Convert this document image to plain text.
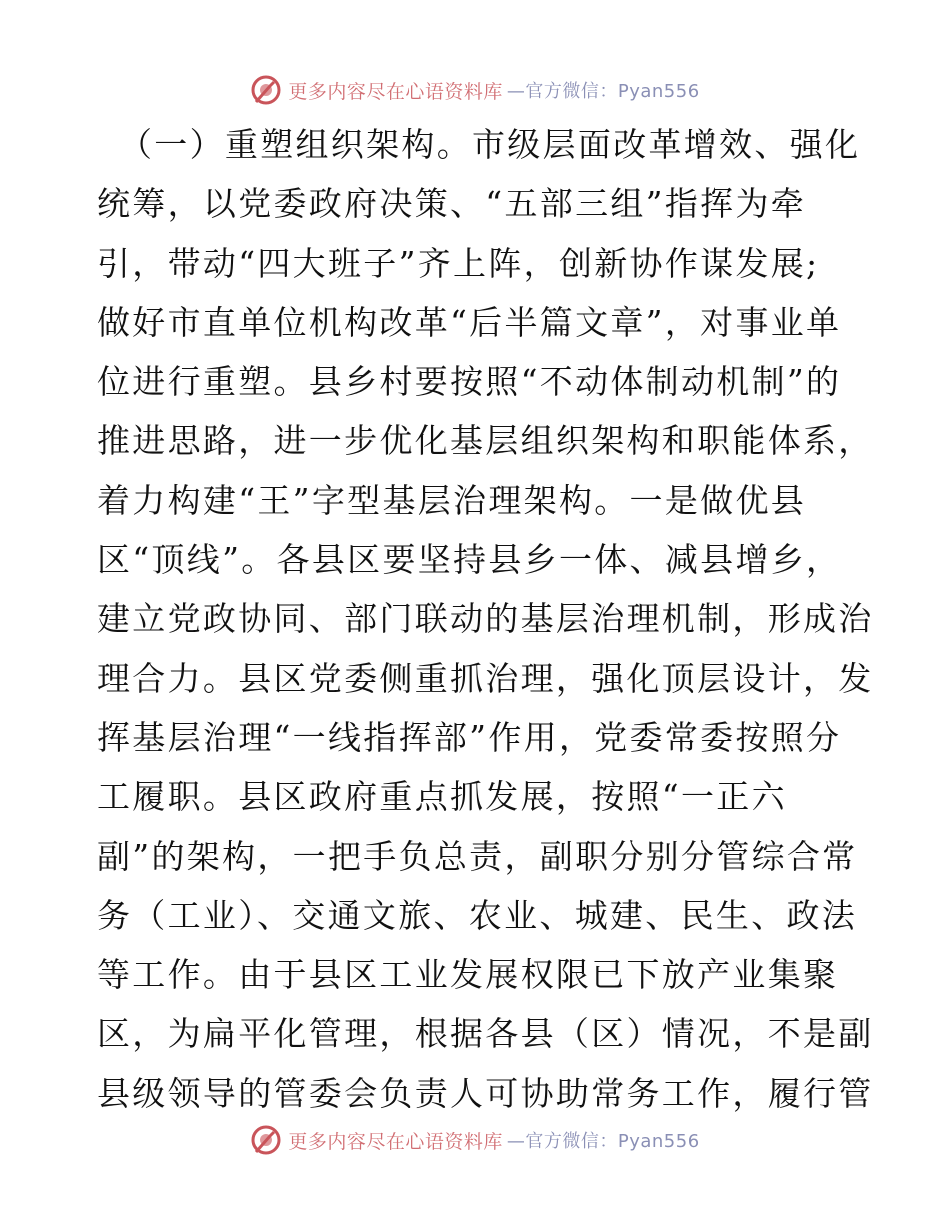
更多内容尽在心语资料库 —官方微信：Pyan556
（一）重塑组织架构。市级层面改革增效、强化
统筹，以党委政府决策、“五部三组”指挥为牵
引，带动“四大班子”齐上阵，创新协作谋发展;
做好市直单位机构改革“后半篇文章”，对事业单
位进行重塑。县乡村要按照“不动体制动机制”的
推进思路，进一步优化基层组织架构和职能体系，
着力构建“王”字型基层治理架构。一是做优县
区“顶线”。各县区要坚持县乡一体、减县增乡，
建立党政协同、部门联动的基层治理机制，形成治
理合力。县区党委侧重抓治理，强化顶层设计，发
挥基层治理“一线指挥部”作用，党委常委按照分
工履职。县区政府重点抓发展，按照“一正六
副”的架构，一把手负总责，副职分别分管综合常
务（工业）、交通文旅、农业、城建、民生、政法
等工作。由于县区工业发展权限已下放产业集聚
区，为扁平化管理，根据各县（区）情况，不是副
县级领导的管委会负责人可协助常务工作，履行管
更多内容尽在心语资料库 —官方微信：Pyan556
